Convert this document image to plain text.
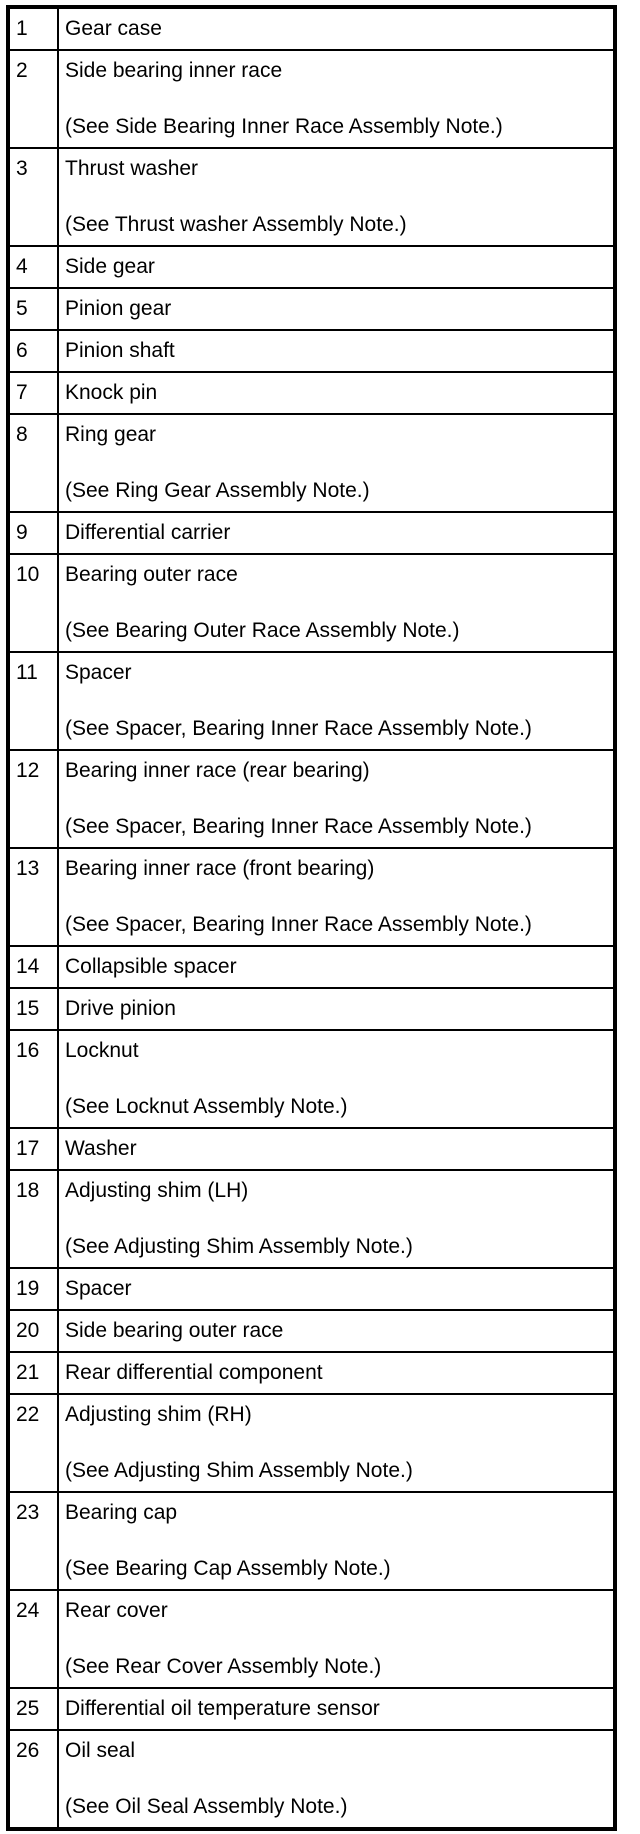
1	Gear case

2	Side bearing inner race
(See Side Bearing Inner Race Assembly Note.)

3	Thrust washer
(See Thrust washer Assembly Note.)

4	Side gear

5	Pinion gear

6	Pinion shaft

7	Knock pin

8	Ring gear
(See Ring Gear Assembly Note.)

9	Differential carrier

10	Bearing outer race
(See Bearing Outer Race Assembly Note.)

11	Spacer
(See Spacer, Bearing Inner Race Assembly Note.)

12	Bearing inner race (rear bearing)
(See Spacer, Bearing Inner Race Assembly Note.)

13	Bearing inner race (front bearing)
(See Spacer, Bearing Inner Race Assembly Note.)

14	Collapsible spacer

15	Drive pinion

16	Locknut
(See Locknut Assembly Note.)

17	Washer

18	Adjusting shim (LH)
(See Adjusting Shim Assembly Note.)

19	Spacer

20	Side bearing outer race

21	Rear differential component

22	Adjusting shim (RH)
(See Adjusting Shim Assembly Note.)

23	Bearing cap
(See Bearing Cap Assembly Note.)

24	Rear cover
(See Rear Cover Assembly Note.)

25	Differential oil temperature sensor

26	Oil seal
(See Oil Seal Assembly Note.)
